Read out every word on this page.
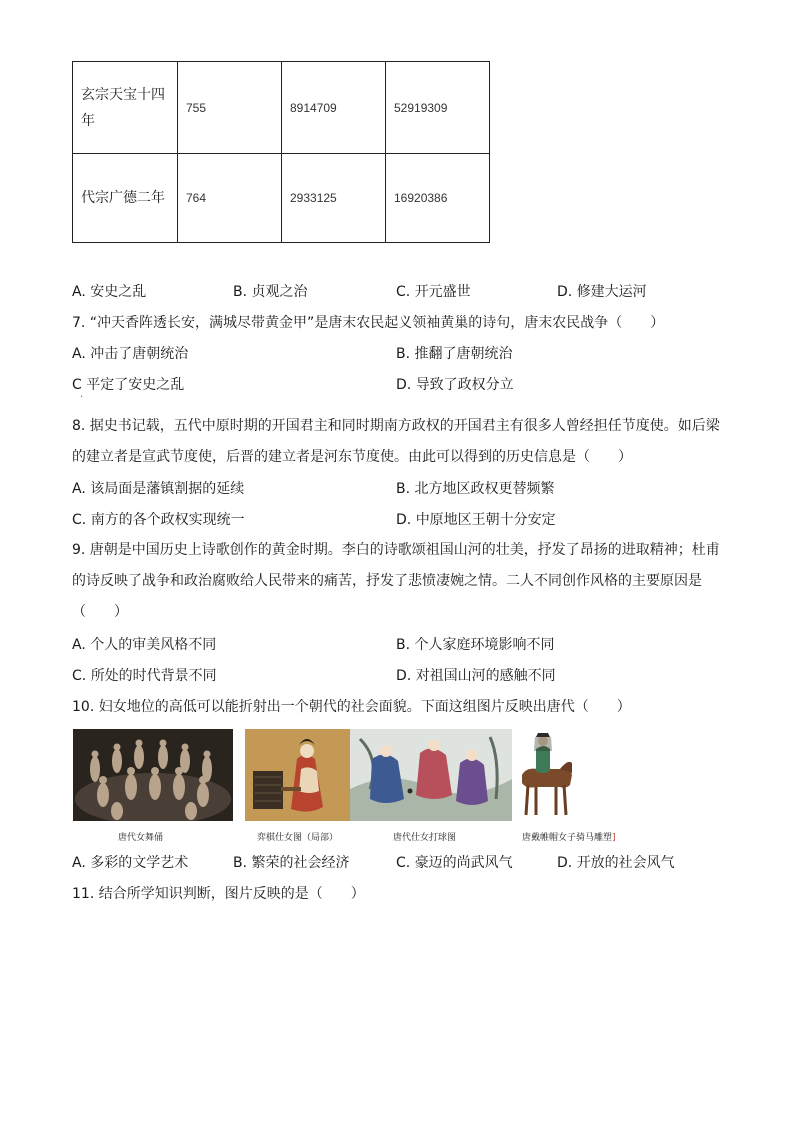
玄宗天宝十四年	755	8914709	52919309
代宗广德二年	764	2933125	16920386
A. 安史之乱	B. 贞观之治	C. 开元盛世	D. 修建大运河
7. “冲天香阵透长安，满城尽带黄金甲”是唐末农民起义领袖黄巢的诗句，唐末农民战争（　　）
A. 冲击了唐朝统治	B. 推翻了唐朝统治
C 平定了安史之乱
·
D. 导致了政权分立
8. 据史书记载，五代中原时期的开国君主和同时期南方政权的开国君主有很多人曾经担任节度使。如后梁的建立者是宣武节度使，后晋的建立者是河东节度使。由此可以得到的历史信息是（　　）
A. 该局面是藩镇割据的延续	B. 北方地区政权更替频繁
C. 南方的各个政权实现统一	D. 中原地区王朝十分安定
9. 唐朝是中国历史上诗歌创作的黄金时期。李白的诗歌颂祖国山河的壮美，抒发了昂扬的进取精神；杜甫的诗反映了战争和政治腐败给人民带来的痛苦，抒发了悲愤凄婉之情。二人不同创作风格的主要原因是（　　）
A. 个人的审美风格不同	B. 个人家庭环境影响不同
C. 所处的时代背景不同	D. 对祖国山河的感触不同
10. 妇女地位的高低可以能折射出一个朝代的社会面貌。下面这组图片反映出唐代（　　）
唐代女舞俑	弈棋仕女图（局部）	唐代仕女打球图	唐戴帷帽女子骑马雕塑]
A. 多彩的文学艺术	B. 繁荣的社会经济	C. 豪迈的尚武风气	D. 开放的社会风气
11. 结合所学知识判断，图片反映的是（　　）
